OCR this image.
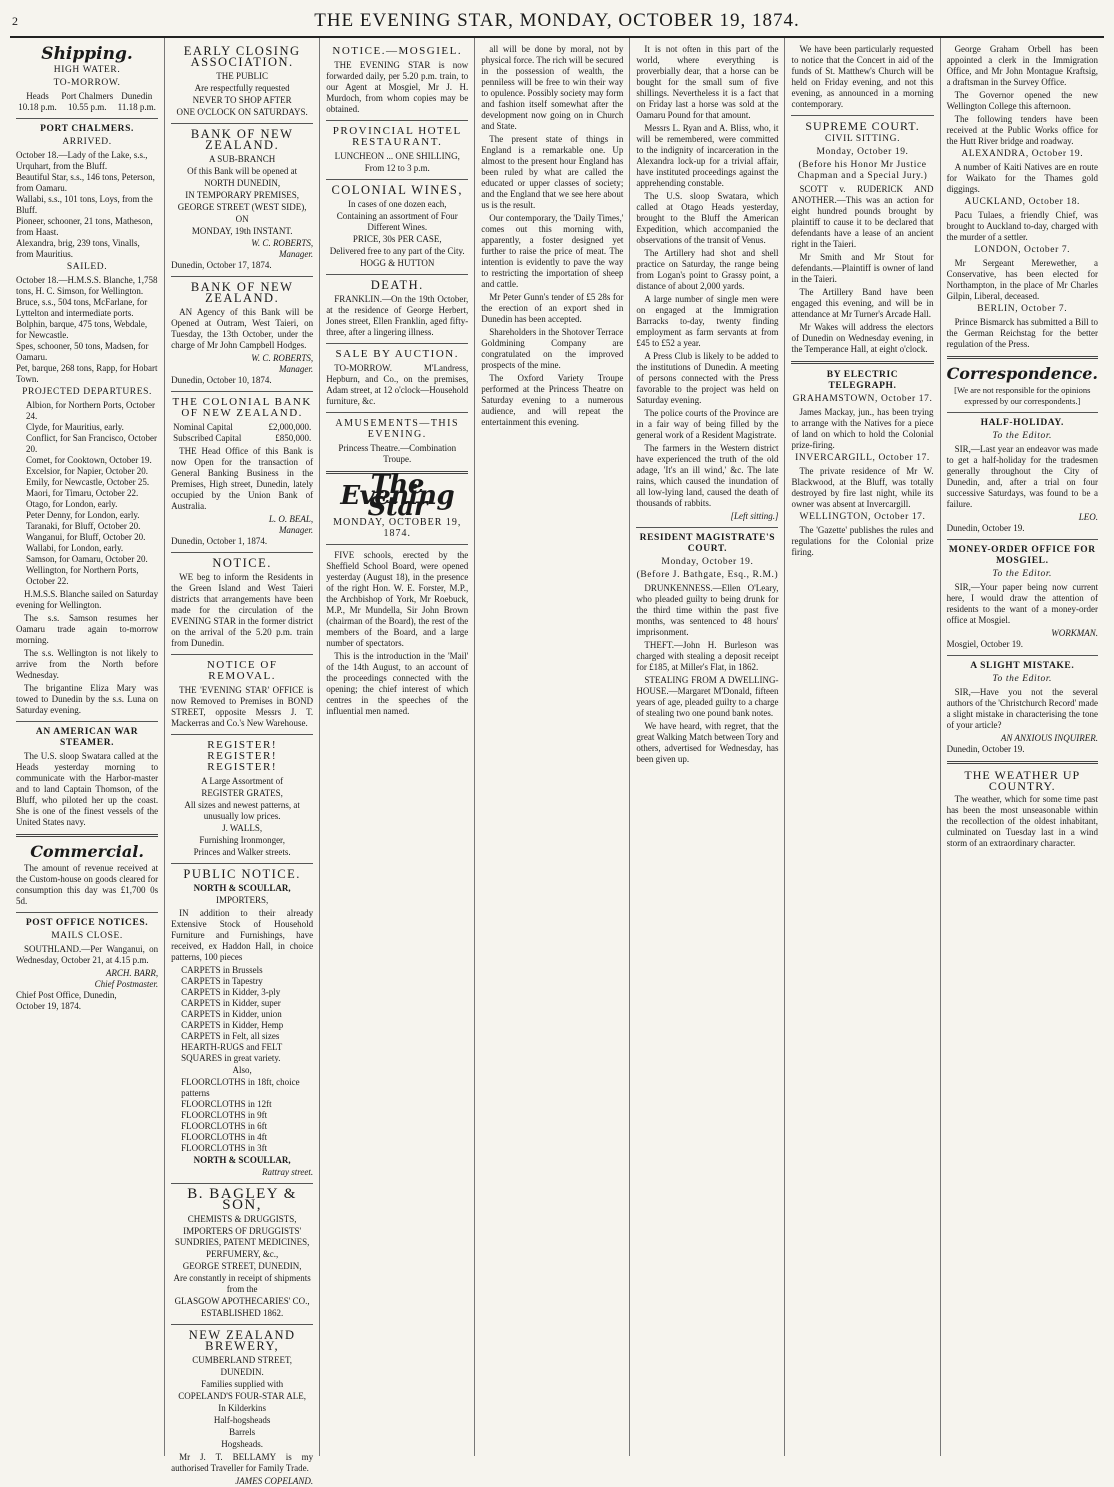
2	THE EVENING STAR, MONDAY, OCTOBER 19, 1874.
Shipping.
HIGH WATER.
TO-MORROW.
Heads	Port Chalmers	Dunedin
10.18 p.m.	10.55 p.m.	11.18 p.m.
PORT CHALMERS.
ARRIVED.
October 18.—Lady of the Lake, s.s., Urquhart, from the Bluff.
Beautiful Star, s.s., 146 tons, Peterson, from Oamaru.
Wallabi, s.s., 101 tons, Loys, from the Bluff.
Pioneer, schooner, 21 tons, Matheson, from Haast.
Alexandra, brig, 239 tons, Vinalls, from Mauritius.
SAILED.
October 18.—H.M.S.S. Blanche, 1,758 tons, H. C. Simson, for Wellington.
Bruce, s.s., 504 tons, McFarlane, for Lyttelton and intermediate ports.
Bolphin, barque, 475 tons, Webdale, for Newcastle.
Spes, schooner, 50 tons, Madsen, for Oamaru.
Pet, barque, 268 tons, Rapp, for Hobart Town.
PROJECTED DEPARTURES.
Albion, for Northern Ports, October 24.
Clyde, for Mauritius, early.
Conflict, for San Francisco, October 20.
Comet, for Cooktown, October 19.
Excelsior, for Napier, October 20.
Emily, for Newcastle, October 25.
Maori, for Timaru, October 22.
Otago, for London, early.
Peter Denny, for London, early.
Taranaki, for Bluff, October 20.
Wanganui, for Bluff, October 20.
Wallabi, for London, early.
Samson, for Oamaru, October 20.
Wellington, for Northern Ports, October 22.

H.M.S.S. Blanche sailed on Saturday evening for Wellington.

The s.s. Samson resumes her Oamaru trade again to-morrow morning.

The s.s. Wellington is not likely to arrive from the North before Wednesday.

The brigantine Eliza Mary was towed to Dunedin by the s.s. Luna on Saturday evening.

AN AMERICAN WAR STEAMER.

The U.S. sloop Swatara called at the Heads yesterday morning to communicate with the Harbor-master and to land Captain Thomson, of the Bluff, who piloted her up the coast. She is one of the finest vessels of the United States navy.

Commercial.

The amount of revenue received at the Custom-house on goods cleared for consumption this day was £1,700 0s 5d.

POST OFFICE NOTICES.
MAILS CLOSE.

SOUTHLAND.—Per Wanganui, on Wednesday, October 21, at 4.15 p.m.

ARCH. BARR,
Chief Postmaster.
Chief Post Office, Dunedin,
October 19, 1874.
EARLY CLOSING ASSOCIATION.
THE PUBLIC
Are respectfully requested
NEVER TO SHOP AFTER
ONE O'CLOCK ON SATURDAYS.
BANK OF NEW ZEALAND.
A SUB-BRANCH
Of this Bank will be opened at
NORTH DUNEDIN,
IN TEMPORARY PREMISES,
GEORGE STREET (WEST SIDE),
ON
MONDAY, 19th INSTANT.
W. C. ROBERTS,
Manager.
Dunedin, October 17, 1874.
BANK OF NEW ZEALAND.

AN Agency of this Bank will be Opened at Outram, West Taieri, on Tuesday, the 13th October, under the charge of Mr John Campbell Hodges.

W. C. ROBERTS,
Manager.
Dunedin, October 10, 1874.
THE COLONIAL BANK OF NEW ZEALAND.
Nominal Capital	£2,000,000.
Subscribed Capital	£850,000.

THE Head Office of this Bank is now Open for the transaction of General Banking Business in the Premises, High street, Dunedin, lately occupied by the Union Bank of Australia.

L. O. BEAL,
Manager.
Dunedin, October 1, 1874.
NOTICE.

WE beg to inform the Residents in the Green Island and West Taieri districts that arrangements have been made for the circulation of the EVENING STAR in the former district on the arrival of the 5.20 p.m. train from Dunedin.

NOTICE OF REMOVAL.

THE 'EVENING STAR' OFFICE is now Removed to Premises in BOND STREET, opposite Messrs J. T. Mackerras and Co.'s New Warehouse.

REGISTER! REGISTER! REGISTER!
A Large Assortment of
REGISTER GRATES,
All sizes and newest patterns, at unusually low prices.
J. WALLS,
Furnishing Ironmonger,
Princes and Walker streets.
PUBLIC NOTICE.
NORTH & SCOULLAR,
IMPORTERS,

IN addition to their already Extensive Stock of Household Furniture and Furnishings, have received, ex Haddon Hall, in choice patterns, 100 pieces

CARPETS in Brussels
CARPETS in Tapestry
CARPETS in Kidder, 3-ply
CARPETS in Kidder, super
CARPETS in Kidder, union
CARPETS in Kidder, Hemp
CARPETS in Felt, all sizes
HEARTH-RUGS and FELT SQUARES in great variety.
Also,
FLOORCLOTHS in 18ft, choice patterns
FLOORCLOTHS in 12ft
FLOORCLOTHS in 9ft
FLOORCLOTHS in 6ft
FLOORCLOTHS in 4ft
FLOORCLOTHS in 3ft
NORTH & SCOULLAR,
Rattray street.
B. BAGLEY & SON,
CHEMISTS & DRUGGISTS,
IMPORTERS OF DRUGGISTS' SUNDRIES, PATENT MEDICINES,
PERFUMERY, &c.,
GEORGE STREET, DUNEDIN,
Are constantly in receipt of shipments from the
GLASGOW APOTHECARIES' CO.,
ESTABLISHED 1862.
NEW ZEALAND BREWERY,
CUMBERLAND STREET,
DUNEDIN.
Families supplied with
COPELAND'S FOUR-STAR ALE,
In Kilderkins
Half-hogsheads
Barrels
Hogsheads.

Mr J. T. BELLAMY is my authorised Traveller for Family Trade.

JAMES COPELAND.
NOTICE.—MOSGIEL.

THE EVENING STAR is now forwarded daily, per 5.20 p.m. train, to our Agent at Mosgiel, Mr J. H. Murdoch, from whom copies may be obtained.

PROVINCIAL HOTEL RESTAURANT.
LUNCHEON ... ONE SHILLING,
From 12 to 3 p.m.
COLONIAL WINES,
In cases of one dozen each,
Containing an assortment of Four Different Wines.
PRICE, 30s PER CASE,
Delivered free to any part of the City.
HOGG & HUTTON
DEATH.

FRANKLIN.—On the 19th October, at the residence of George Herbert, Jones street, Ellen Franklin, aged fifty-three, after a lingering illness.

SALE BY AUCTION.

TO-MORROW. M'Landress, Hepburn, and Co., on the premises, Adam street, at 12 o'clock—Household furniture, &c.

AMUSEMENTS—THIS EVENING.
Princess Theatre.—Combination Troupe.
The Evening Star
MONDAY, OCTOBER 19, 1874.

FIVE schools, erected by the Sheffield School Board, were opened yesterday (August 18), in the presence of the right Hon. W. E. Forster, M.P., the Archbishop of York, Mr Roebuck, M.P., Mr Mundella, Sir John Brown (chairman of the Board), the rest of the members of the Board, and a large number of spectators.

This is the introduction in the 'Mail' of the 14th August, to an account of the proceedings connected with the opening; the chief interest of which centres in the speeches of the influential men named.

all will be done by moral, not by physical force. The rich will be secured in the possession of wealth, the penniless will be free to win their way to opulence. Possibly society may form and fashion itself somewhat after the development now going on in Church and State.

The present state of things in England is a remarkable one. Up almost to the present hour England has been ruled by what are called the educated or upper classes of society; and the England that we see here about us is the result.

Our contemporary, the 'Daily Times,' comes out this morning with, apparently, a foster designed yet further to raise the price of meat. The intention is evidently to pave the way to restricting the importation of sheep and cattle.

Mr Peter Gunn's tender of £5 28s for the erection of an export shed in Dunedin has been accepted.

Shareholders in the Shotover Terrace Goldmining Company are congratulated on the improved prospects of the mine.

The Oxford Variety Troupe performed at the Princess Theatre on Saturday evening to a numerous audience, and will repeat the entertainment this evening.

It is not often in this part of the world, where everything is proverbially dear, that a horse can be bought for the small sum of five shillings. Nevertheless it is a fact that on Friday last a horse was sold at the Oamaru Pound for that amount.

Messrs L. Ryan and A. Bliss, who, it will be remembered, were committed to the indignity of incarceration in the Alexandra lock-up for a trivial affair, have instituted proceedings against the apprehending constable.

The U.S. sloop Swatara, which called at Otago Heads yesterday, brought to the Bluff the American Expedition, which accompanied the observations of the transit of Venus.

The Artillery had shot and shell practice on Saturday, the range being from Logan's point to Grassy point, a distance of about 2,000 yards.

A large number of single men were on engaged at the Immigration Barracks to-day, twenty finding employment as farm servants at from £45 to £52 a year.

A Press Club is likely to be added to the institutions of Dunedin. A meeting of persons connected with the Press favorable to the project was held on Saturday evening.

The police courts of the Province are in a fair way of being filled by the general work of a Resident Magistrate.

The farmers in the Western district have experienced the truth of the old adage, 'It's an ill wind,' &c. The late rains, which caused the inundation of all low-lying land, caused the death of thousands of rabbits.

[Left sitting.]
RESIDENT MAGISTRATE'S COURT.
Monday, October 19.
(Before J. Bathgate, Esq., R.M.)

DRUNKENNESS.—Ellen O'Leary, who pleaded guilty to being drunk for the third time within the past five months, was sentenced to 48 hours' imprisonment.

THEFT.—John H. Burleson was charged with stealing a deposit receipt for £185, at Miller's Flat, in 1862.

STEALING FROM A DWELLING-HOUSE.—Margaret M'Donald, fifteen years of age, pleaded guilty to a charge of stealing two one pound bank notes.

We have heard, with regret, that the great Walking Match between Tory and others, advertised for Wednesday, has been given up.

We have been particularly requested to notice that the Concert in aid of the funds of St. Matthew's Church will be held on Friday evening, and not this evening, as announced in a morning contemporary.

SUPREME COURT.
CIVIL SITTING.
Monday, October 19.
(Before his Honor Mr Justice Chapman and a Special Jury.)

SCOTT v. RUDERICK AND ANOTHER.—This was an action for eight hundred pounds brought by plaintiff to cause it to be declared that defendants have a lease of an ancient right in the Taieri.

Mr Smith and Mr Stout for defendants.—Plaintiff is owner of land in the Taieri.

The Artillery Band have been engaged this evening, and will be in attendance at Mr Turner's Arcade Hall.

Mr Wakes will address the electors of Dunedin on Wednesday evening, in the Temperance Hall, at eight o'clock.

BY ELECTRIC TELEGRAPH.
GRAHAMSTOWN, October 17.

James Mackay, jun., has been trying to arrange with the Natives for a piece of land on which to hold the Colonial prize-firing.

INVERCARGILL, October 17.

The private residence of Mr W. Blackwood, at the Bluff, was totally destroyed by fire last night, while its owner was absent at Invercargill.

WELLINGTON, October 17.

The 'Gazette' publishes the rules and regulations for the Colonial prize firing.

George Graham Orbell has been appointed a clerk in the Immigration Office, and Mr John Montague Kraftsig, a draftsman in the Survey Office.

The Governor opened the new Wellington College this afternoon.

The following tenders have been received at the Public Works office for the Hutt River bridge and roadway.

ALEXANDRA, October 19.

A number of Kaiti Natives are en route for Waikato for the Thames gold diggings.

AUCKLAND, October 18.

Pacu Tulaes, a friendly Chief, was brought to Auckland to-day, charged with the murder of a settler.

LONDON, October 7.

Mr Sergeant Merewether, a Conservative, has been elected for Northampton, in the place of Mr Charles Gilpin, Liberal, deceased.

BERLIN, October 7.

Prince Bismarck has submitted a Bill to the German Reichstag for the better regulation of the Press.

Correspondence.
[We are not responsible for the opinions expressed by our correspondents.]
HALF-HOLIDAY.
To the Editor.

SIR,—Last year an endeavor was made to get a half-holiday for the tradesmen generally throughout the City of Dunedin, and, after a trial on four successive Saturdays, was found to be a failure.

LEO.
Dunedin, October 19.
MONEY-ORDER OFFICE FOR MOSGIEL.
To the Editor.

SIR,—Your paper being now current here, I would draw the attention of residents to the want of a money-order office at Mosgiel.

WORKMAN.
Mosgiel, October 19.
A SLIGHT MISTAKE.
To the Editor.

SIR,—Have you not the several authors of the 'Christchurch Record' made a slight mistake in characterising the tone of your article?

AN ANXIOUS INQUIRER.
Dunedin, October 19.
THE WEATHER UP COUNTRY.

The weather, which for some time past has been the most unseasonable within the recollection of the oldest inhabitant, culminated on Tuesday last in a wind storm of an extraordinary character.
